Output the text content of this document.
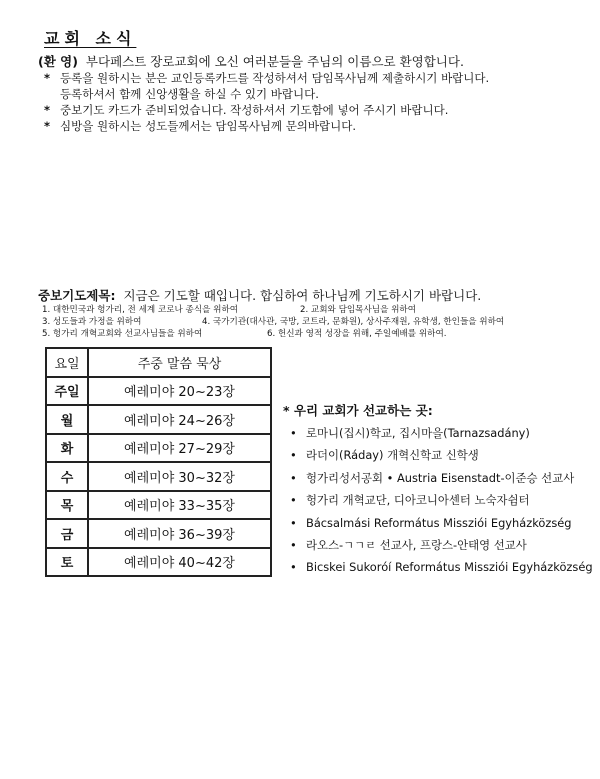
교회 소식
(환 영) 부다페스트 장로교회에 오신 여러분들을 주님의 이름으로 환영합니다.
* 등록을 원하시는 분은 교인등록카드를 작성하셔서 담임목사님께 제출하시기 바랍니다.
등록하셔서 함께 신앙생활을 하실 수 있기 바랍니다.
* 중보기도 카드가 준비되었습니다. 작성하셔서 기도함에 넣어 주시기 바랍니다.
* 심방을 원하시는 성도들께서는 담임목사님께 문의바랍니다.
중보기도제목: 지금은 기도할 때입니다. 합심하여 하나님께 기도하시기 바랍니다.
1. 대한민국과 헝가리, 전 세계 코로나 종식을 위하여	2. 교회와 담임목사님을 위하여
3. 성도들과 가정을 위하여	4. 국가기관(대사관, 국방, 코트라, 문화원), 상사주재원, 유학생, 한인들을 위하여
5. 헝가리 개혁교회와 선교사님들을 위하여	6. 헌신과 영적 성장을 위해, 주일예배를 위하여.
요일	주중 말씀 묵상
주일	예레미야 20~23장
월	예레미야 24~26장
화	예레미야 27~29장
수	예레미야 30~32장
목	예레미야 33~35장
금	예레미야 36~39장
토	예레미야 40~42장
* 우리 교회가 선교하는 곳:
• 로마니(집시)학교, 집시마을(Tarnazsadány)
• 라더이(Ráday) 개혁신학교 신학생
• 헝가리성서공회 • Austria Eisenstadt-이준승 선교사
• 헝가리 개혁교단, 디아코니아센터 노숙자쉼터
• Bácsalmási Református Missziói Egyházközség
• 라오스-ㄱㄱㄹ 선교사, 프랑스-안태영 선교사
• Bicskei Sukoróí Református Missziói Egyházközség
